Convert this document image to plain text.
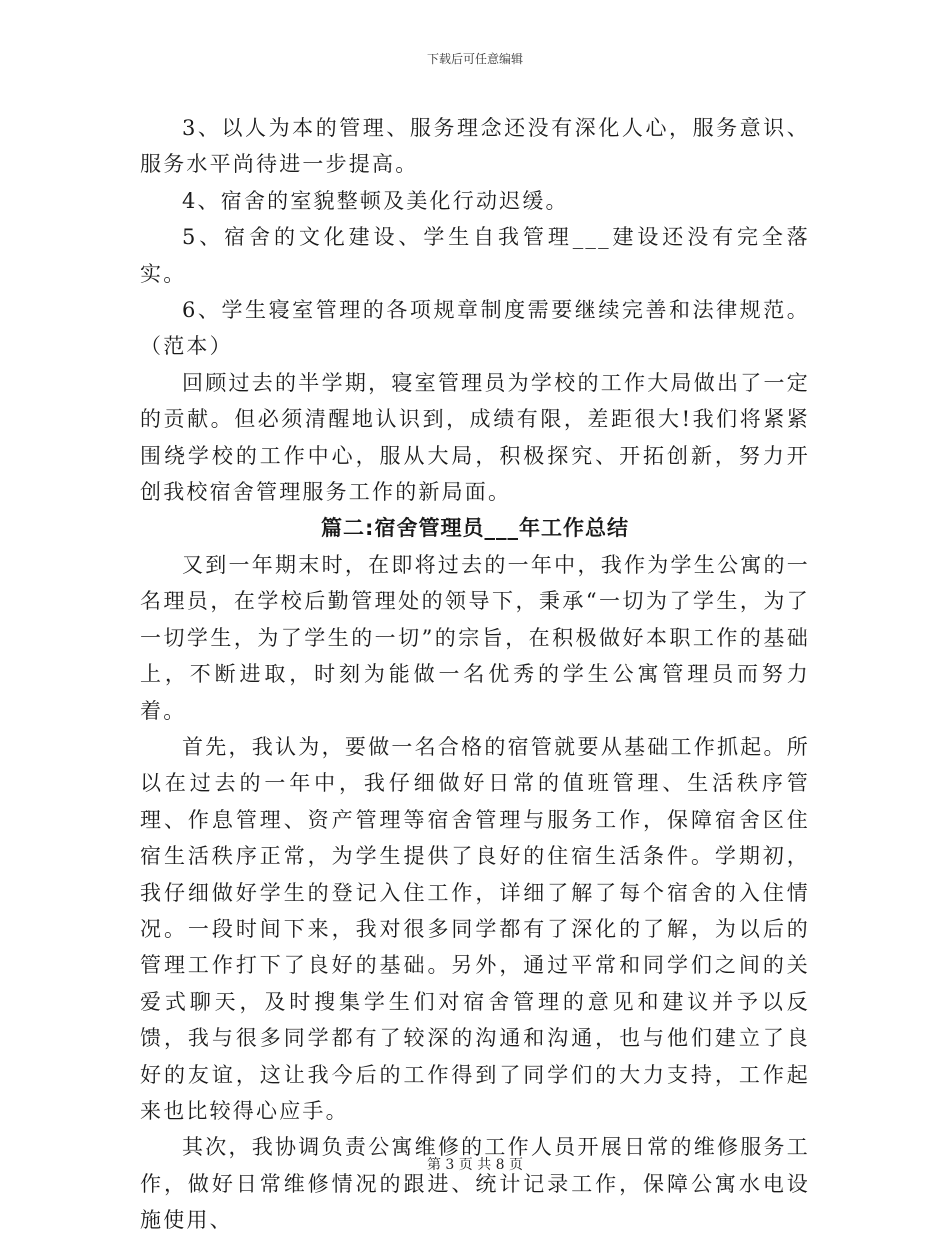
下载后可任意编辑

3、以人为本的管理、服务理念还没有深化人心，服务意识、服务水平尚待进一步提高。

4、宿舍的室貌整顿及美化行动迟缓。

5、宿舍的文化建设、学生自我管理___建设还没有完全落实。

6、学生寝室管理的各项规章制度需要继续完善和法律规范。（范本）

回顾过去的半学期，寝室管理员为学校的工作大局做出了一定的贡献。但必须清醒地认识到，成绩有限，差距很大!我们将紧紧围绕学校的工作中心，服从大局，积极探究、开拓创新，努力开创我校宿舍管理服务工作的新局面。

篇二:宿舍管理员___年工作总结

又到一年期末时，在即将过去的一年中，我作为学生公寓的一名理员，在学校后勤管理处的领导下，秉承“一切为了学生，为了一切学生，为了学生的一切”的宗旨，在积极做好本职工作的基础上，不断进取，时刻为能做一名优秀的学生公寓管理员而努力着。

首先，我认为，要做一名合格的宿管就要从基础工作抓起。所以在过去的一年中，我仔细做好日常的值班管理、生活秩序管理、作息管理、资产管理等宿舍管理与服务工作，保障宿舍区住宿生活秩序正常，为学生提供了良好的住宿生活条件。学期初，我仔细做好学生的登记入住工作，详细了解了每个宿舍的入住情况。一段时间下来，我对很多同学都有了深化的了解，为以后的管理工作打下了良好的基础。另外，通过平常和同学们之间的关爱式聊天，及时搜集学生们对宿舍管理的意见和建议并予以反馈，我与很多同学都有了较深的沟通和沟通，也与他们建立了良好的友谊，这让我今后的工作得到了同学们的大力支持，工作起来也比较得心应手。

其次，我协调负责公寓维修的工作人员开展日常的维修服务工作，做好日常维修情况的跟进、统计记录工作，保障公寓水电设施使用、

第 3 页 共 8 页
